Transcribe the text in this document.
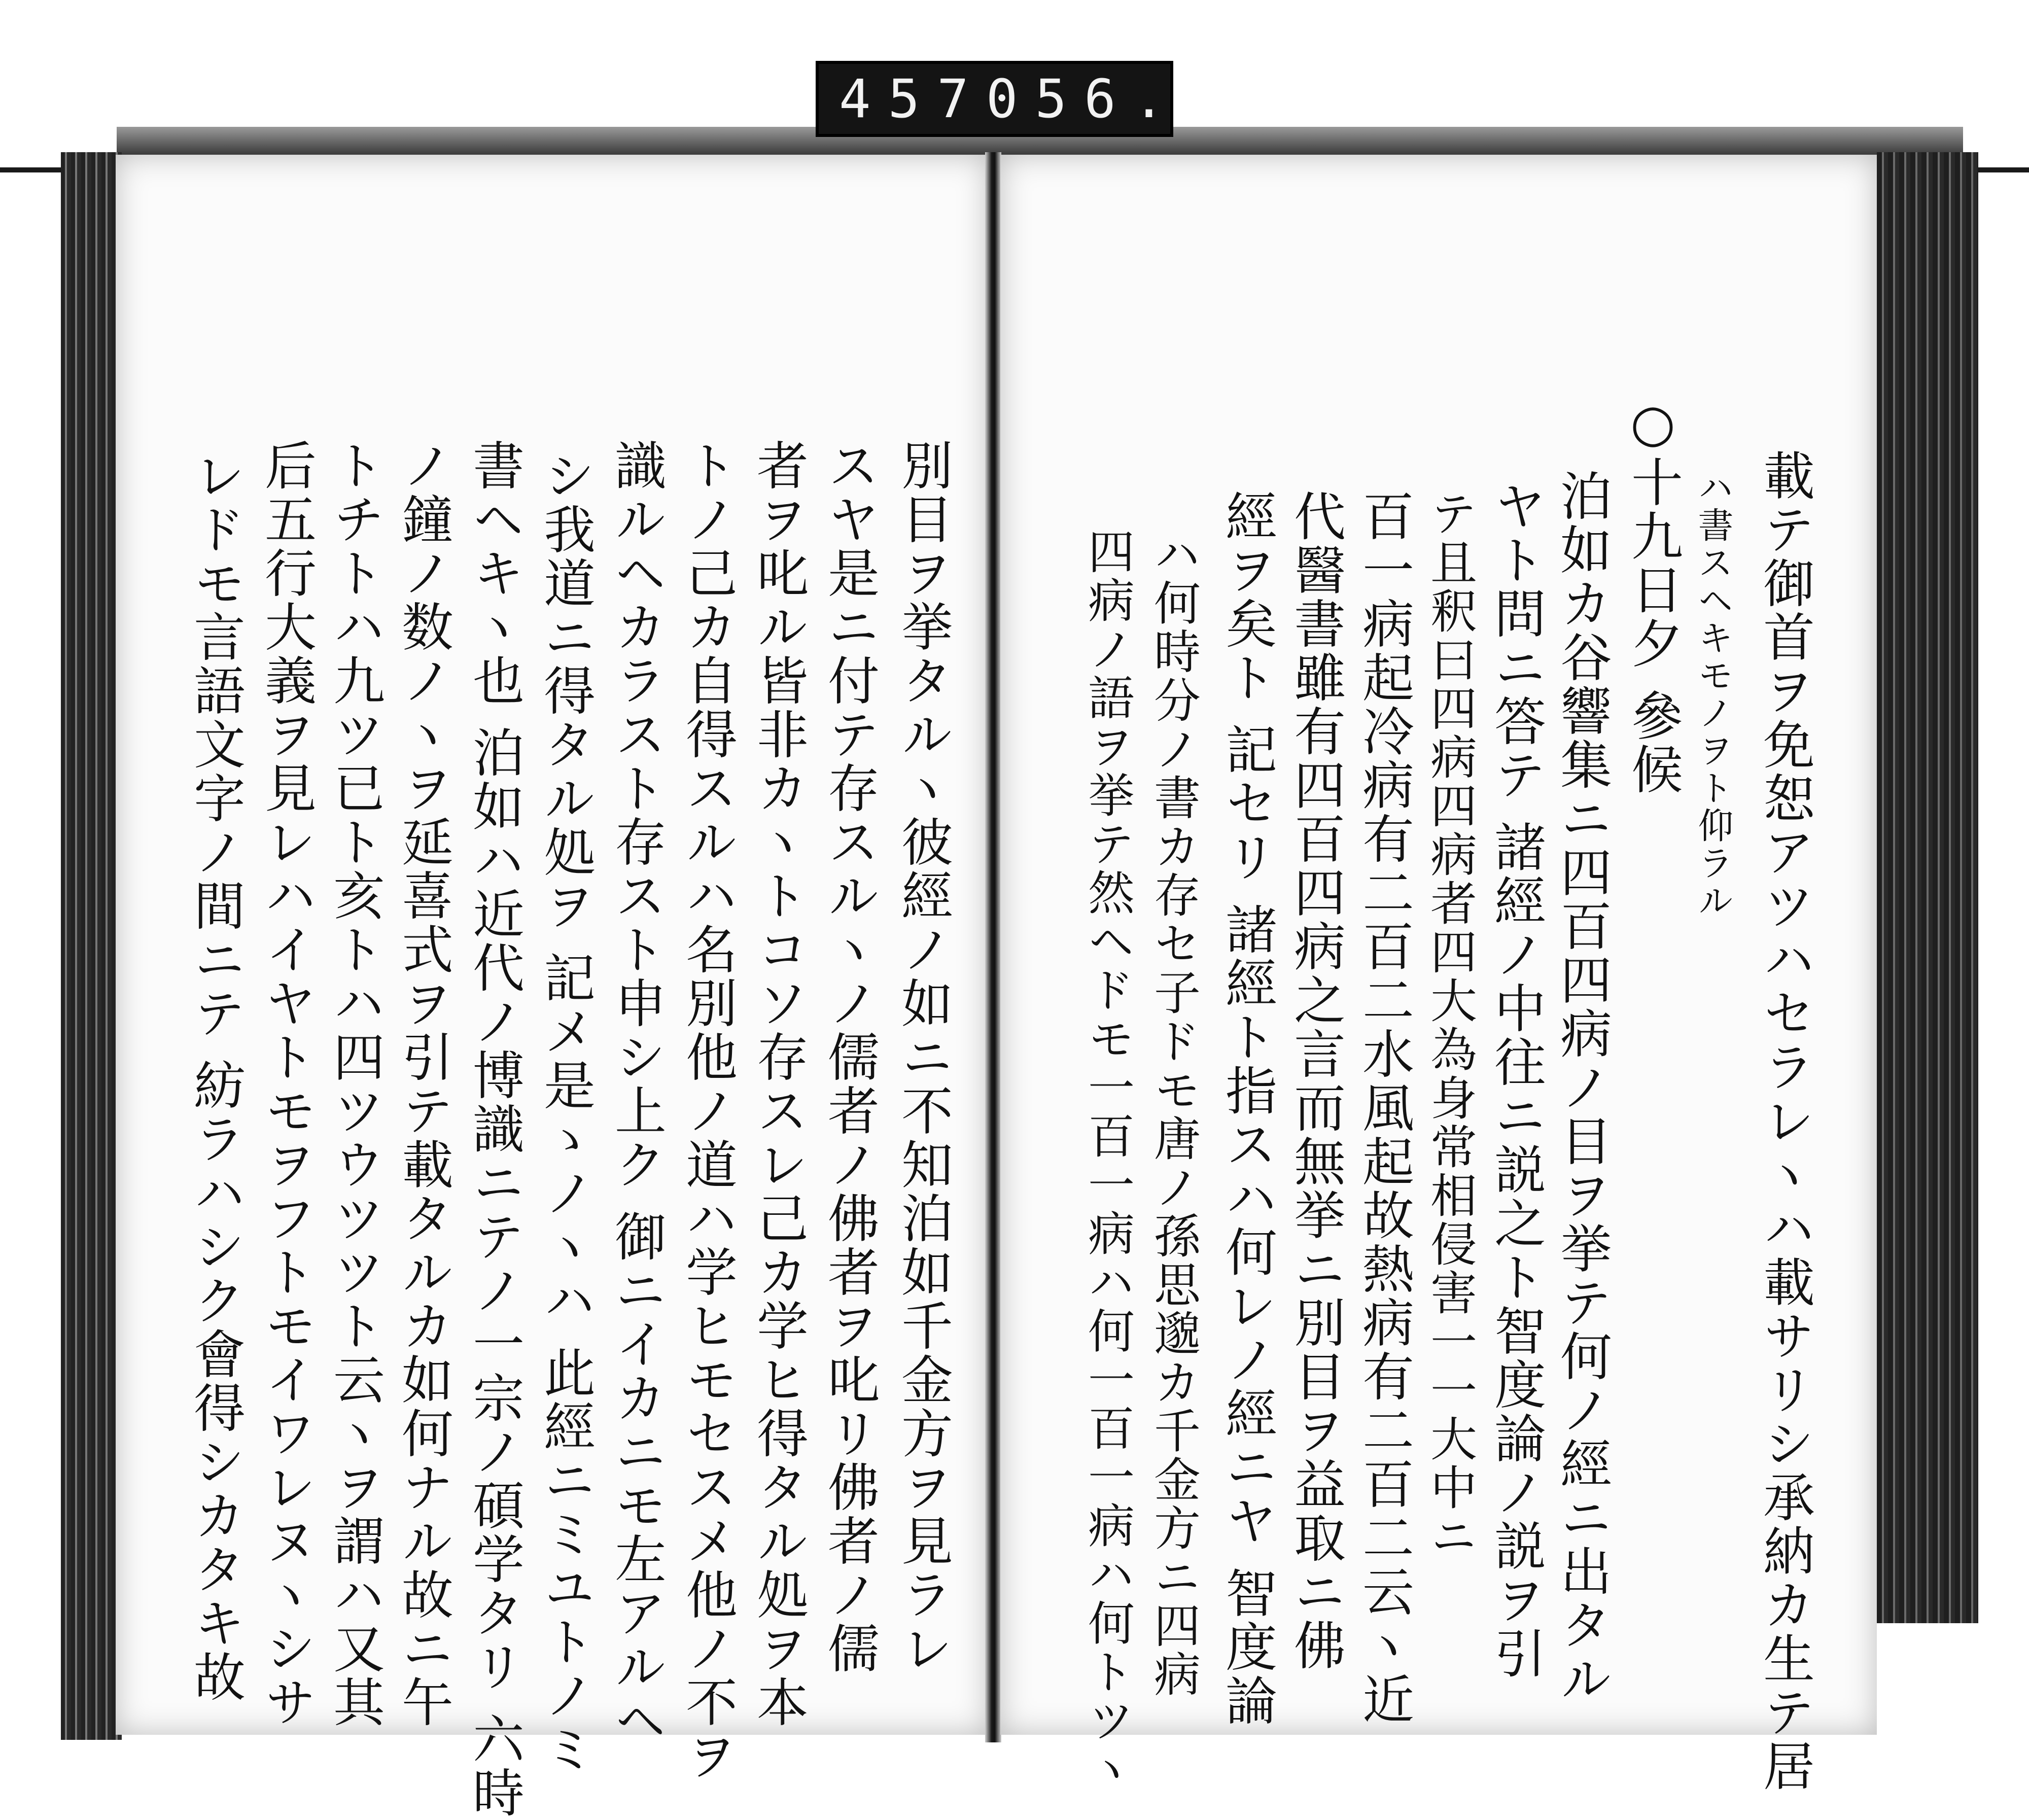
457 056.
別目ヲ挙タルヽ彼經ノ如ニ不知泊如千金方ヲ見ラレ
スヤ是ニ付テ存スルヽノ儒者ノ佛者ヲ叱リ佛者ノ儒
者ヲ叱ル皆非カヽトコソ存スレ己カ学ヒ得タル処ヲ本
トノ己カ自得スルハ名別他ノ道ハ学ヒモセスメ他ノ不ヲ
識ルヘカラスト存スト申シ上ク 御ニイカニモ左アルヘ
シ我道ニ得タル処ヲ 記メ是ゝノヽハ 此經ニミユトノミ
書ヘキヽ也 泊如ハ近代ノ博識ニテノ一宗ノ碩学タリ 六時
ノ鐘ノ数ノヽヲ延喜式ヲ引テ載タルカ如何ナル故ニ午
トチトハ九ツ已ト亥トハ四ツウツツト云ヽヲ謂ハ又其
后五行大義ヲ見レハイヤトモヲフトモイワレヌヽシサ
レドモ言語文字ノ間ニテ 紡ラハシク會得シカタキ故	載テ御首ヲ免恕アツハセラレヽハ載サリシ承納カ生テ居
ハ書スヘキモノヲト仰ラル
○十九日夕 參候
泊如カ谷響集ニ四百四病ノ目ヲ挙テ何ノ經ニ出タル
ヤト問ニ答テ 諸經ノ中往ニ説之ト智度論ノ説ヲ引
テ且釈曰四病四病者四大為身常相侵害一一大中ニ
百一病起冷病有二百二水風起故熱病有二百二云ヽ近
代醫書雖有四百四病之言而無挙ニ別目ヲ益取ニ佛
經ヲ矣ト 記セリ 諸經ト指スハ何レノ經ニヤ 智度論
ハ何時分ノ書カ存セ子ドモ唐ノ孫思邈カ千金方ニ四病
四病ノ語ヲ挙テ然ヘドモ一百一病ハ何一百一病ハ何トツヽ
